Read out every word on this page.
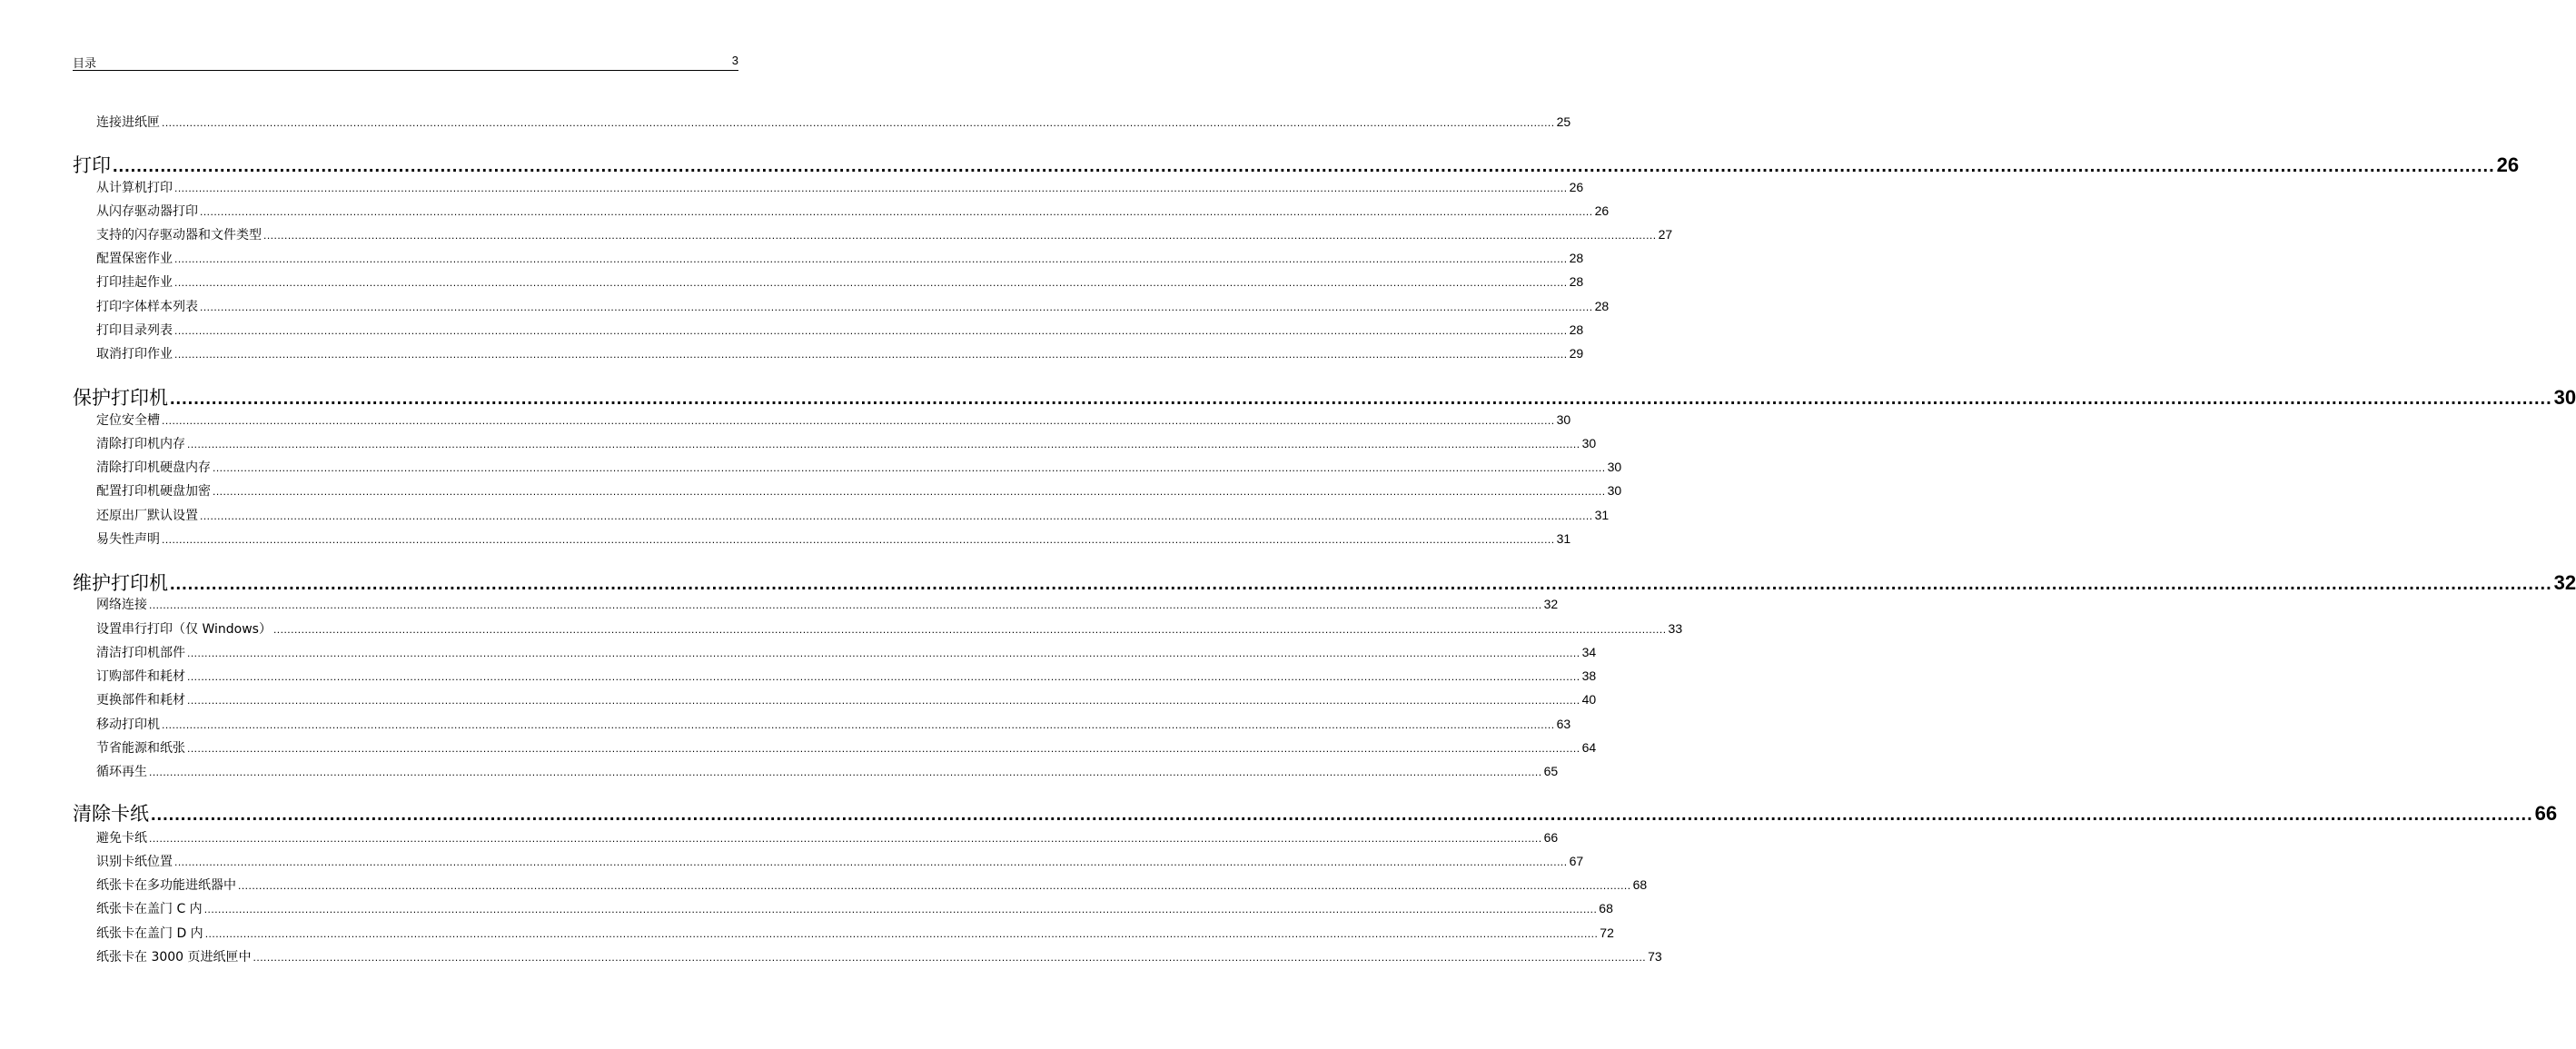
目录	3
连接进纸匣 ................................................................................................................................................................................................................................................................................................................................................................................................................ 25
打印 ................................................................................................................................................................................................................................................................................................................................................................................................................ 26
从计算机打印 ................................................................................................................................................................................................................................................................................................................................................................................................................ 26
从闪存驱动器打印 ................................................................................................................................................................................................................................................................................................................................................................................................................ 26
支持的闪存驱动器和文件类型 ................................................................................................................................................................................................................................................................................................................................................................................................................ 27
配置保密作业 ................................................................................................................................................................................................................................................................................................................................................................................................................ 28
打印挂起作业 ................................................................................................................................................................................................................................................................................................................................................................................................................ 28
打印字体样本列表 ................................................................................................................................................................................................................................................................................................................................................................................................................ 28
打印目录列表 ................................................................................................................................................................................................................................................................................................................................................................................................................ 28
取消打印作业 ................................................................................................................................................................................................................................................................................................................................................................................................................ 29
保护打印机 ................................................................................................................................................................................................................................................................................................................................................................................................................ 30
定位安全槽 ................................................................................................................................................................................................................................................................................................................................................................................................................ 30
清除打印机内存 ................................................................................................................................................................................................................................................................................................................................................................................................................ 30
清除打印机硬盘内存 ................................................................................................................................................................................................................................................................................................................................................................................................................ 30
配置打印机硬盘加密 ................................................................................................................................................................................................................................................................................................................................................................................................................ 30
还原出厂默认设置 ................................................................................................................................................................................................................................................................................................................................................................................................................ 31
易失性声明 ................................................................................................................................................................................................................................................................................................................................................................................................................ 31
维护打印机 ................................................................................................................................................................................................................................................................................................................................................................................................................ 32
网络连接 ................................................................................................................................................................................................................................................................................................................................................................................................................ 32
设置串行打印（仅 Windows） ................................................................................................................................................................................................................................................................................................................................................................................................................ 33
清洁打印机部件 ................................................................................................................................................................................................................................................................................................................................................................................................................ 34
订购部件和耗材 ................................................................................................................................................................................................................................................................................................................................................................................................................ 38
更换部件和耗材 ................................................................................................................................................................................................................................................................................................................................................................................................................ 40
移动打印机 ................................................................................................................................................................................................................................................................................................................................................................................................................ 63
节省能源和纸张 ................................................................................................................................................................................................................................................................................................................................................................................................................ 64
循环再生 ................................................................................................................................................................................................................................................................................................................................................................................................................ 65
清除卡纸 ................................................................................................................................................................................................................................................................................................................................................................................................................ 66
避免卡纸 ................................................................................................................................................................................................................................................................................................................................................................................................................ 66
识别卡纸位置 ................................................................................................................................................................................................................................................................................................................................................................................................................ 67
纸张卡在多功能进纸器中 ................................................................................................................................................................................................................................................................................................................................................................................................................ 68
纸张卡在盖门 C 内 ................................................................................................................................................................................................................................................................................................................................................................................................................ 68
纸张卡在盖门 D 内 ................................................................................................................................................................................................................................................................................................................................................................................................................ 72
纸张卡在 3000 页进纸匣中 ................................................................................................................................................................................................................................................................................................................................................................................................................ 73
